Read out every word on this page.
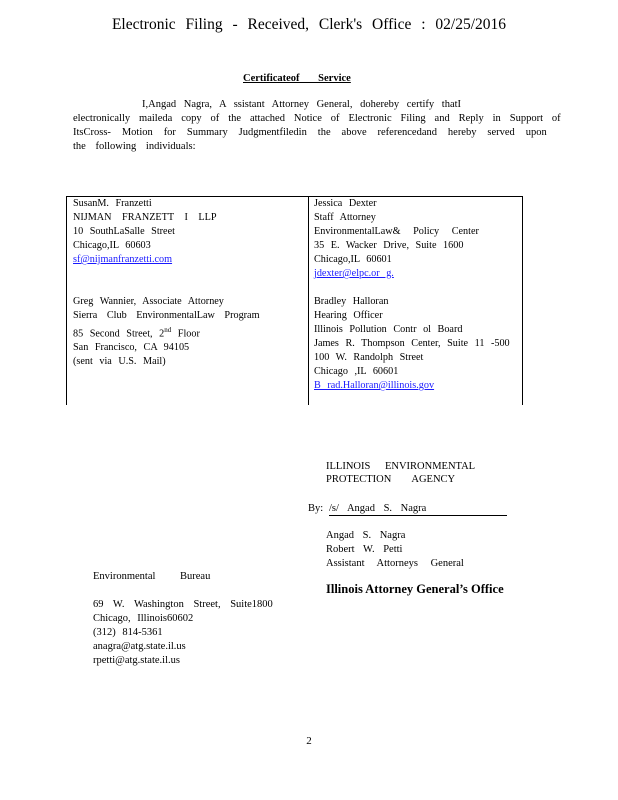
Electronic Filing - Received, Clerk's Office : 02/25/2016
Certificateof Service
I,Angad Nagra, A ssistant Attorney General, dohereby certify thatI
electronically maileda copy of the attached Notice of Electronic Filing and Reply in Support of
ItsCross- Motion for Summary Judgmentfiledin the above referencedand hereby served upon
the following individuals:
SusanM. Franzetti
NIJMAN FRANZETT I LLP
10 SouthLaSalle Street
Chicago,IL 60603
sf@nijmanfranzetti.com
Jessica Dexter
Staff Attorney
EnvironmentalLaw& Policy Center
35 E. Wacker Drive, Suite 1600
Chicago,IL 60601
jdexter@elpc.or g.
Greg Wannier, Associate Attorney
Sierra Club EnvironmentalLaw Program
85 Second Street, 2nd Floor
San Francisco, CA 94105
(sent via U.S. Mail)
Bradley Halloran
Hearing Officer
Illinois Pollution Contr ol Board
James R. Thompson Center, Suite 11 -500
100 W. Randolph Street
Chicago ,IL 60601
B rad.Halloran@illinois.gov
ILLINOIS ENVIRONMENTAL
PROTECTION AGENCY
By: /s/ Angad S. Nagra
Angad S. Nagra
Robert W. Petti
Assistant Attorneys General
Illinois Attorney General’s Office
Environmental Bureau
69 W. Washington Street, Suite1800
Chicago, Illinois60602
(312) 814-5361
anagra@atg.state.il.us
rpetti@atg.state.il.us
2
